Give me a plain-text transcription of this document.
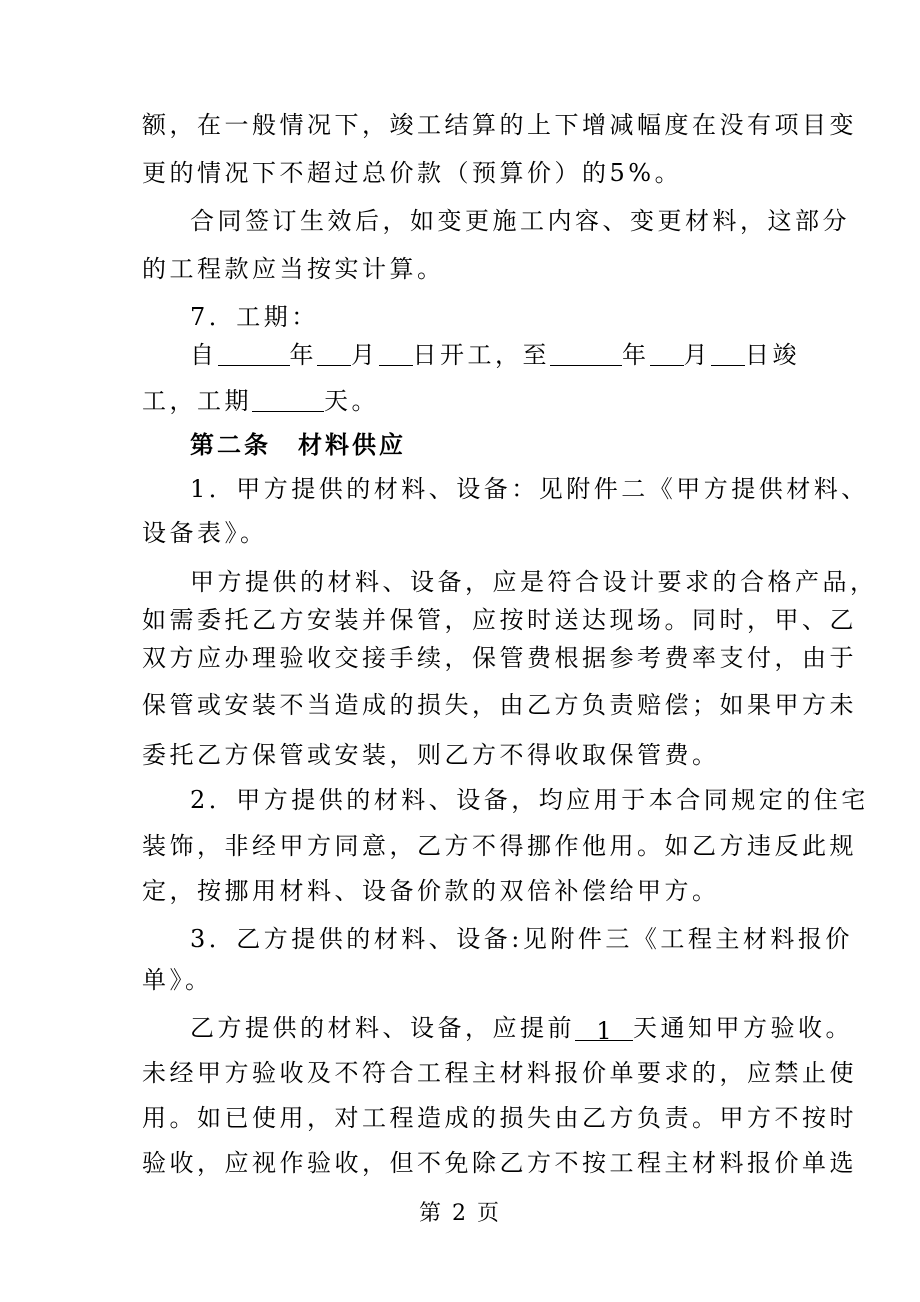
额，在一般情况下，竣工结算的上下增减幅度在没有项目变
更的情况下不超过总价款（预算价）的5%。
合同签订生效后，如变更施工内容、变更材料，这部分
的工程款应当按实计算。
7．工期：
自	年 月 日开工，至	年 月 日竣
工，工期	天。
第二条　材料供应
1．甲方提供的材料、设备：见附件二《甲方提供材料、
设备表》。
甲方提供的材料、设备，应是符合设计要求的合格产品，
如需委托乙方安装并保管，应按时送达现场。同时，甲、乙
双方应办理验收交接手续，保管费根据参考费率支付，由于
保管或安装不当造成的损失，由乙方负责赔偿；如果甲方未
委托乙方保管或安装，则乙方不得收取保管费。
2．甲方提供的材料、设备，均应用于本合同规定的住宅
装饰，非经甲方同意，乙方不得挪作他用。如乙方违反此规
定，按挪用材料、设备价款的双倍补偿给甲方。
3．乙方提供的材料、设备:见附件三《工程主材料报价
单》。
乙方提供的材料、设备，应提前 1 天通知甲方验收。
未经甲方验收及不符合工程主材料报价单要求的，应禁止使
用。如已使用，对工程造成的损失由乙方负责。甲方不按时
验收，应视作验收，但不免除乙方不按工程主材料报价单选
第 2 页
